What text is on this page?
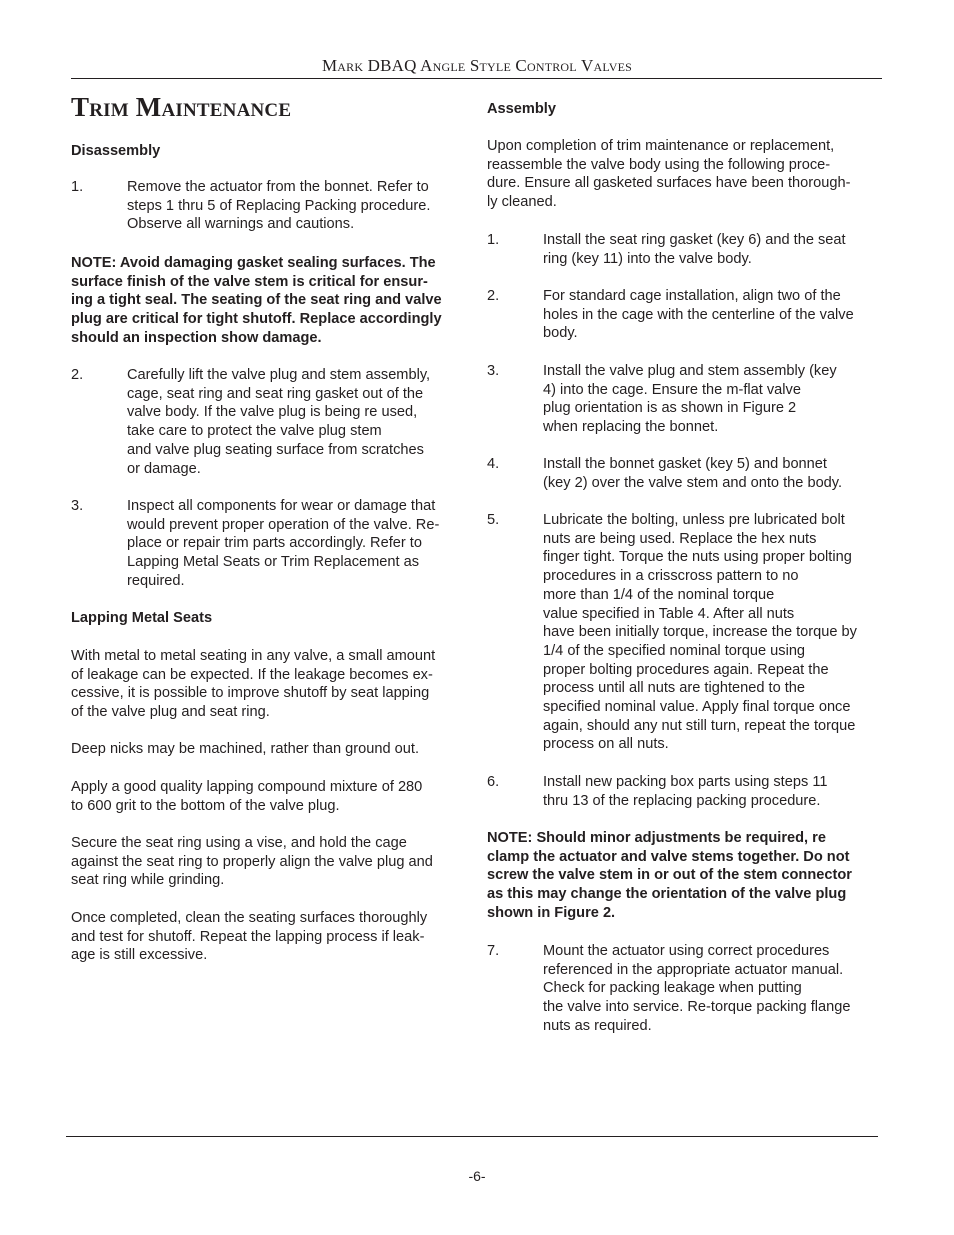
Mark DBAQ Angle Style Control Valves
Trim Maintenance
Disassembly
1.	Remove the actuator from the bonnet. Refer to
steps 1 thru 5 of Replacing Packing procedure.
Observe all warnings and cautions.
NOTE: Avoid damaging gasket sealing surfaces. The
surface finish of the valve stem is critical for ensur-
ing a tight seal. The seating of the seat ring and valve
plug are critical for tight shutoff. Replace accordingly
should an inspection show damage.
2.	Carefully lift the valve plug and stem assembly,
cage, seat ring and seat ring gasket out of the
valve body. If the valve plug is being re used,
take care to protect the valve plug stem
and valve plug seating surface from scratches
or damage.
3.	Inspect all components for wear or damage that
would prevent proper operation of the valve. Re-
place or repair trim parts accordingly. Refer to
Lapping Metal Seats or Trim Replacement as
required.
Lapping Metal Seats
With metal to metal seating in any valve, a small amount
of leakage can be expected. If the leakage becomes ex-
cessive, it is possible to improve shutoff by seat lapping
of the valve plug and seat ring.
Deep nicks may be machined, rather than ground out.
Apply a good quality lapping compound mixture of 280
to 600 grit to the bottom of the valve plug.
Secure the seat ring using a vise, and hold the cage
against the seat ring to properly align the valve plug and
seat ring while grinding.
Once completed, clean the seating surfaces thoroughly
and test for shutoff. Repeat the lapping process if leak-
age is still excessive.
Assembly
Upon completion of trim maintenance or replacement,
reassemble the valve body using the following proce-
dure. Ensure all gasketed surfaces have been thorough-
ly cleaned.
1.	Install the seat ring gasket (key 6) and the seat
ring (key 11) into the valve body.
2.	For standard cage installation, align two of the
holes in the cage with the centerline of the valve
body.
3.	Install the valve plug and stem assembly (key
4) into the cage. Ensure the m-flat valve
plug orientation is as shown in Figure 2
when replacing the bonnet.
4.	Install the bonnet gasket (key 5) and bonnet
(key 2) over the valve stem and onto the body.
5.	Lubricate the bolting, unless pre lubricated bolt
nuts are being used. Replace the hex nuts
finger tight. Torque the nuts using proper bolting
procedures in a crisscross pattern to no
more than 1/4 of the nominal torque
value specified in Table 4. After all nuts
have been initially torque, increase the torque by
1/4 of the specified nominal torque using
proper bolting procedures again. Repeat the
process until all nuts are tightened to the
specified nominal value. Apply final torque once
again, should any nut still turn, repeat the torque
process on all nuts.
6.	Install new packing box parts using steps 11
thru 13 of the replacing packing procedure.
NOTE: Should minor adjustments be required, re
clamp the actuator and valve stems together. Do not
screw the valve stem in or out of the stem connector
as this may change the orientation of the valve plug
shown in Figure 2.
7.	Mount the actuator using correct procedures
referenced in the appropriate actuator manual.
Check for packing leakage when putting
the valve into service. Re-torque packing flange
nuts as required.
-6-
